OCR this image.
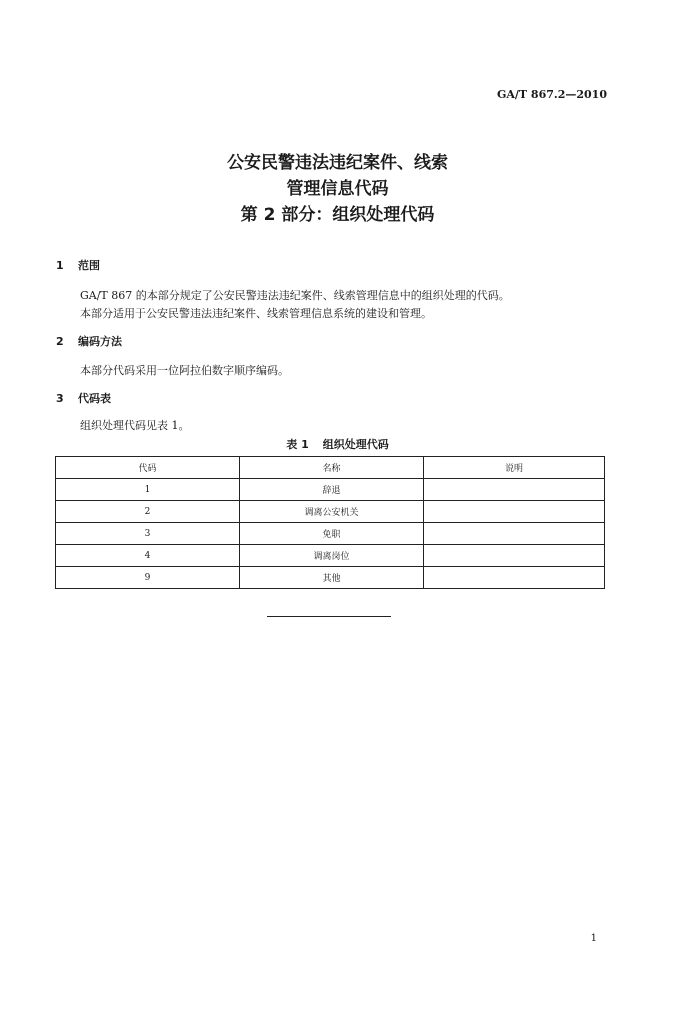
GA/T 867.2—2010
公安民警违法违纪案件、线索
管理信息代码
第 2 部分：组织处理代码
1 范围
GA/T 867 的本部分规定了公安民警违法违纪案件、线索管理信息中的组织处理的代码。
本部分适用于公安民警违法违纪案件、线索管理信息系统的建设和管理。
2 编码方法
本部分代码采用一位阿拉伯数字顺序编码。
3 代码表
组织处理代码见表 1。
表 1 组织处理代码
代码	名称	说明
1	辞退	
2	调离公安机关	
3	免职	
4	调离岗位	
9	其他	
1
